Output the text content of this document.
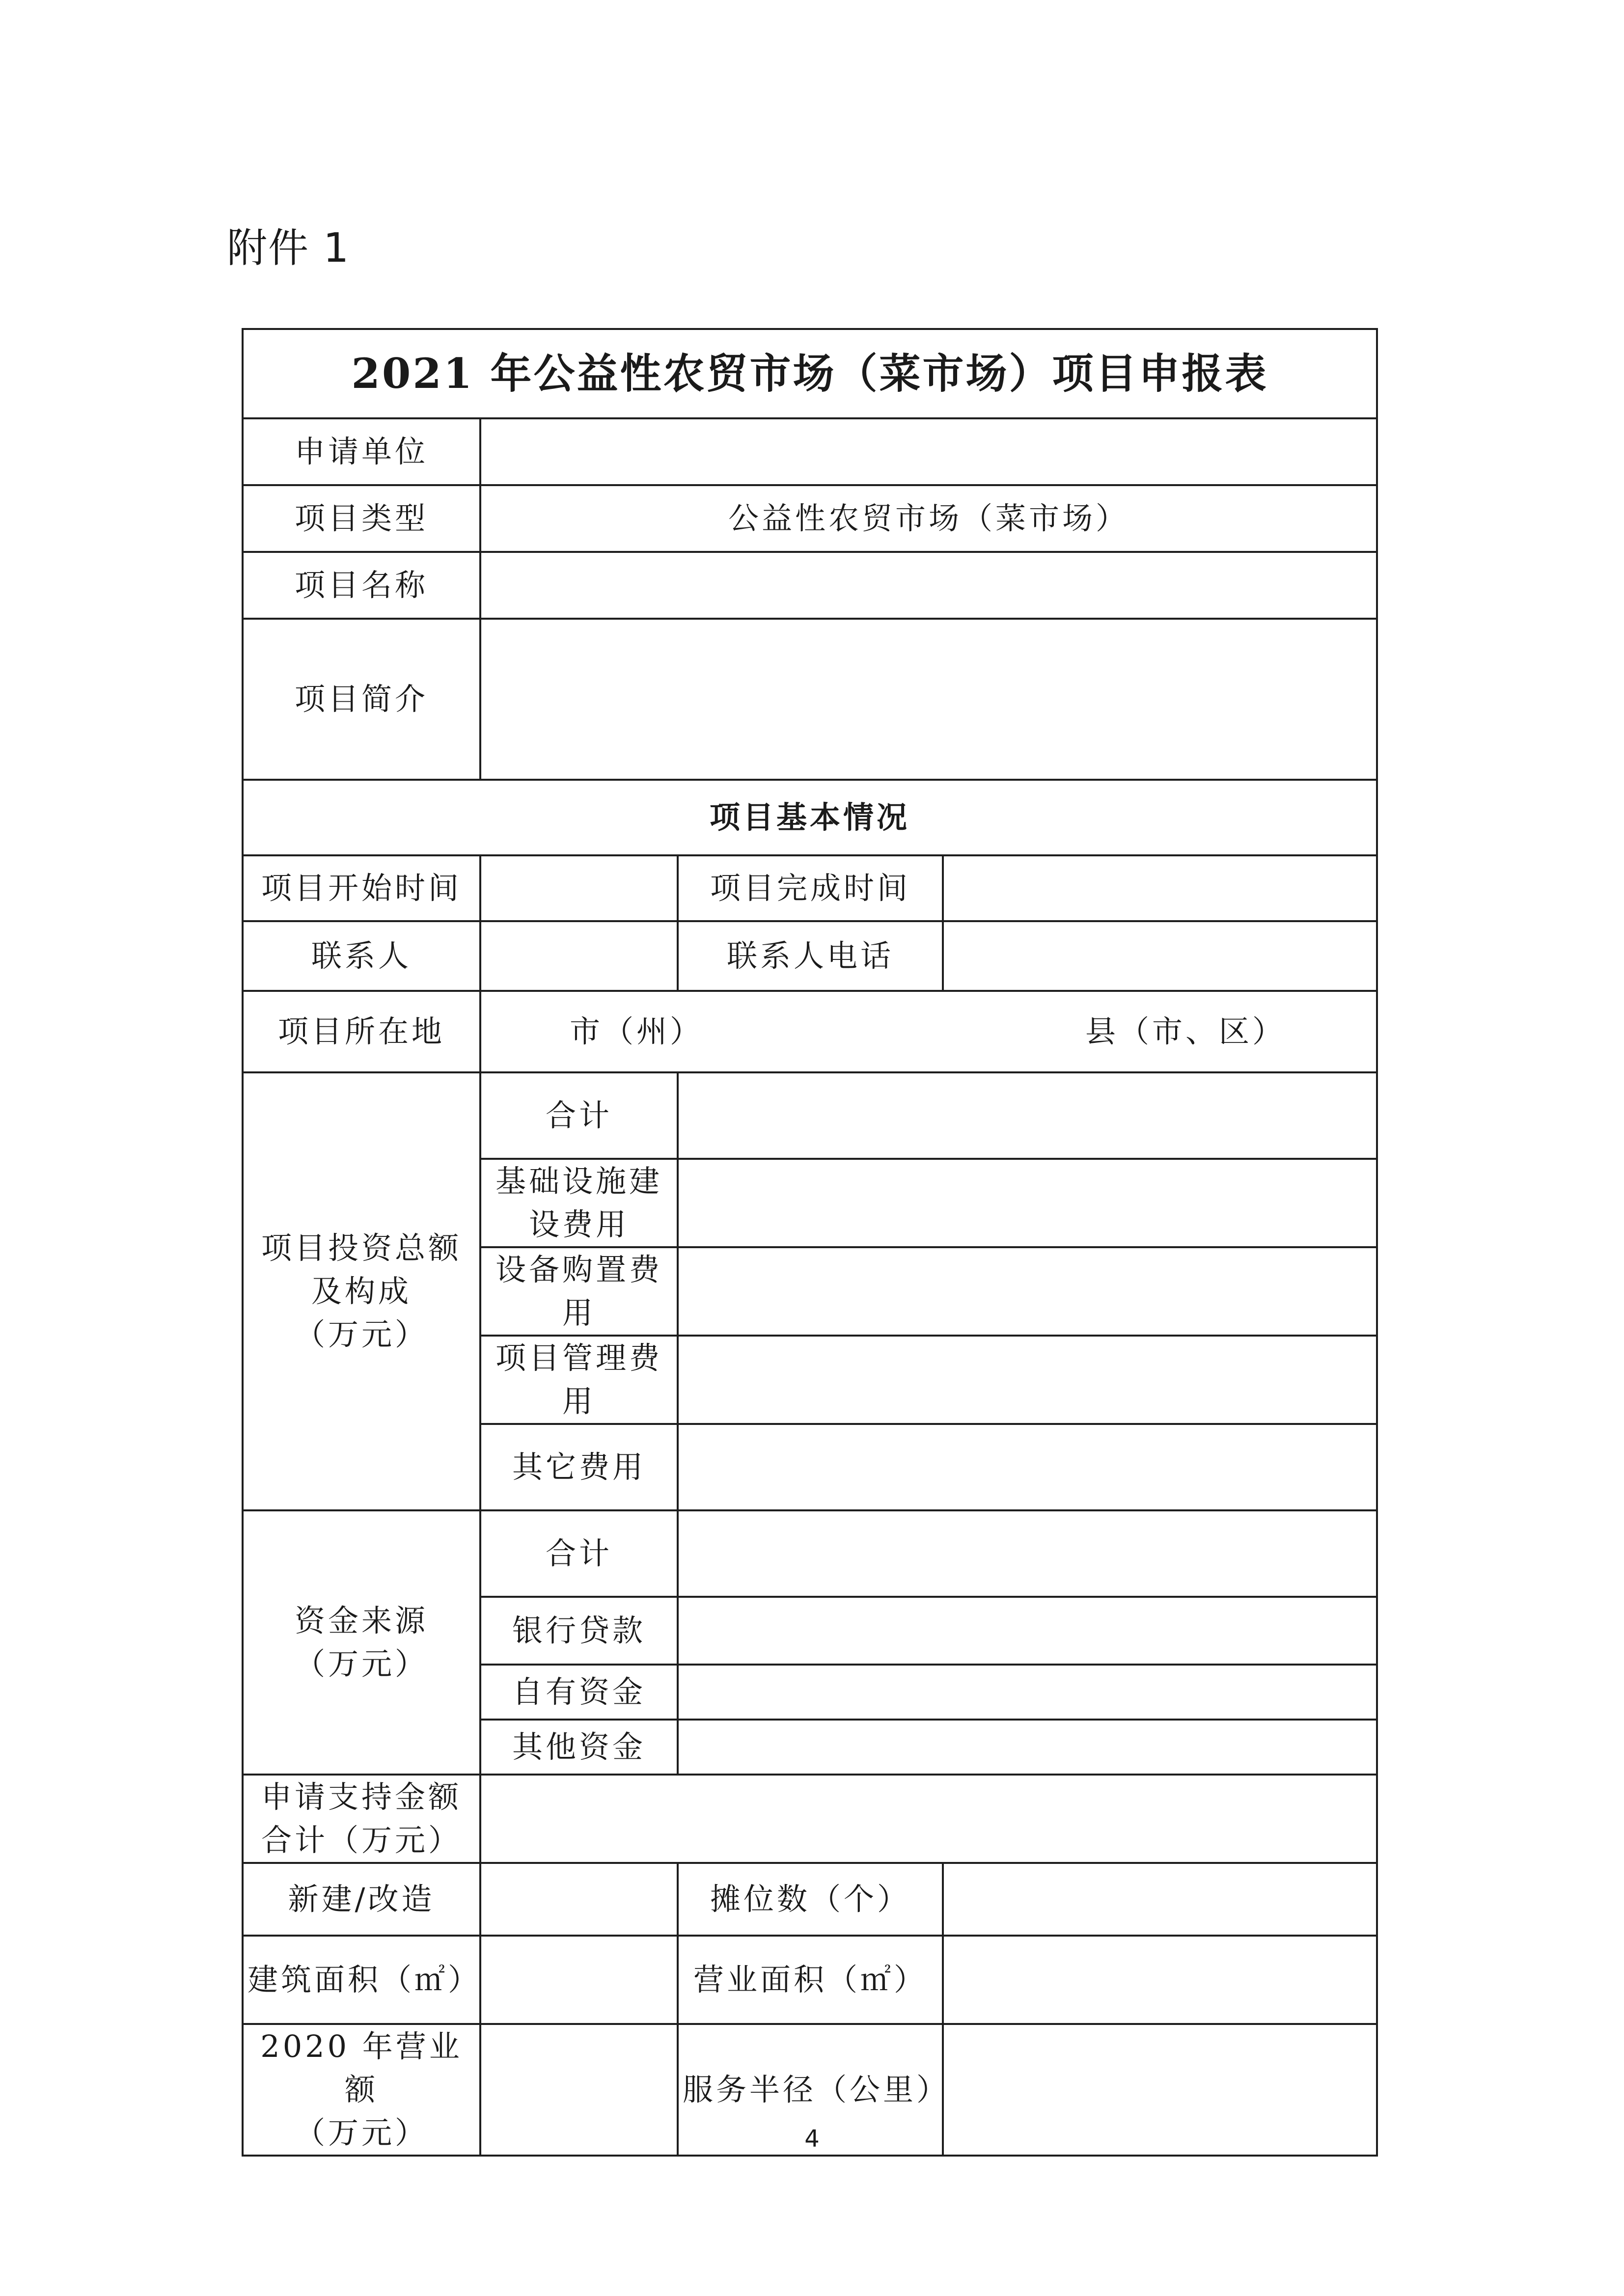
附件 1
2021 年公益性农贸市场（菜市场）项目申报表			
申请单位			
项目类型	公益性农贸市场（菜市场）		
项目名称			
项目简介			
项目基本情况			
项目开始时间		项目完成时间	
联系人		联系人电话	
项目所在地	市（州） 县（市、区）		

项目投资总额
及构成
（万元）	合计		

	基础设施建
设费用		

	设备购置费
用		

	项目管理费
用		

	其它费用		

资金来源
（万元）	合计		
	银行贷款		
	自有资金		
	其他资金		

申请支持金额
合计（万元）			

新建/改造		摊位数（个）	
建筑面积（㎡）		营业面积（㎡）	

2020 年营业额
（万元）		服务半径（公里）	
4
